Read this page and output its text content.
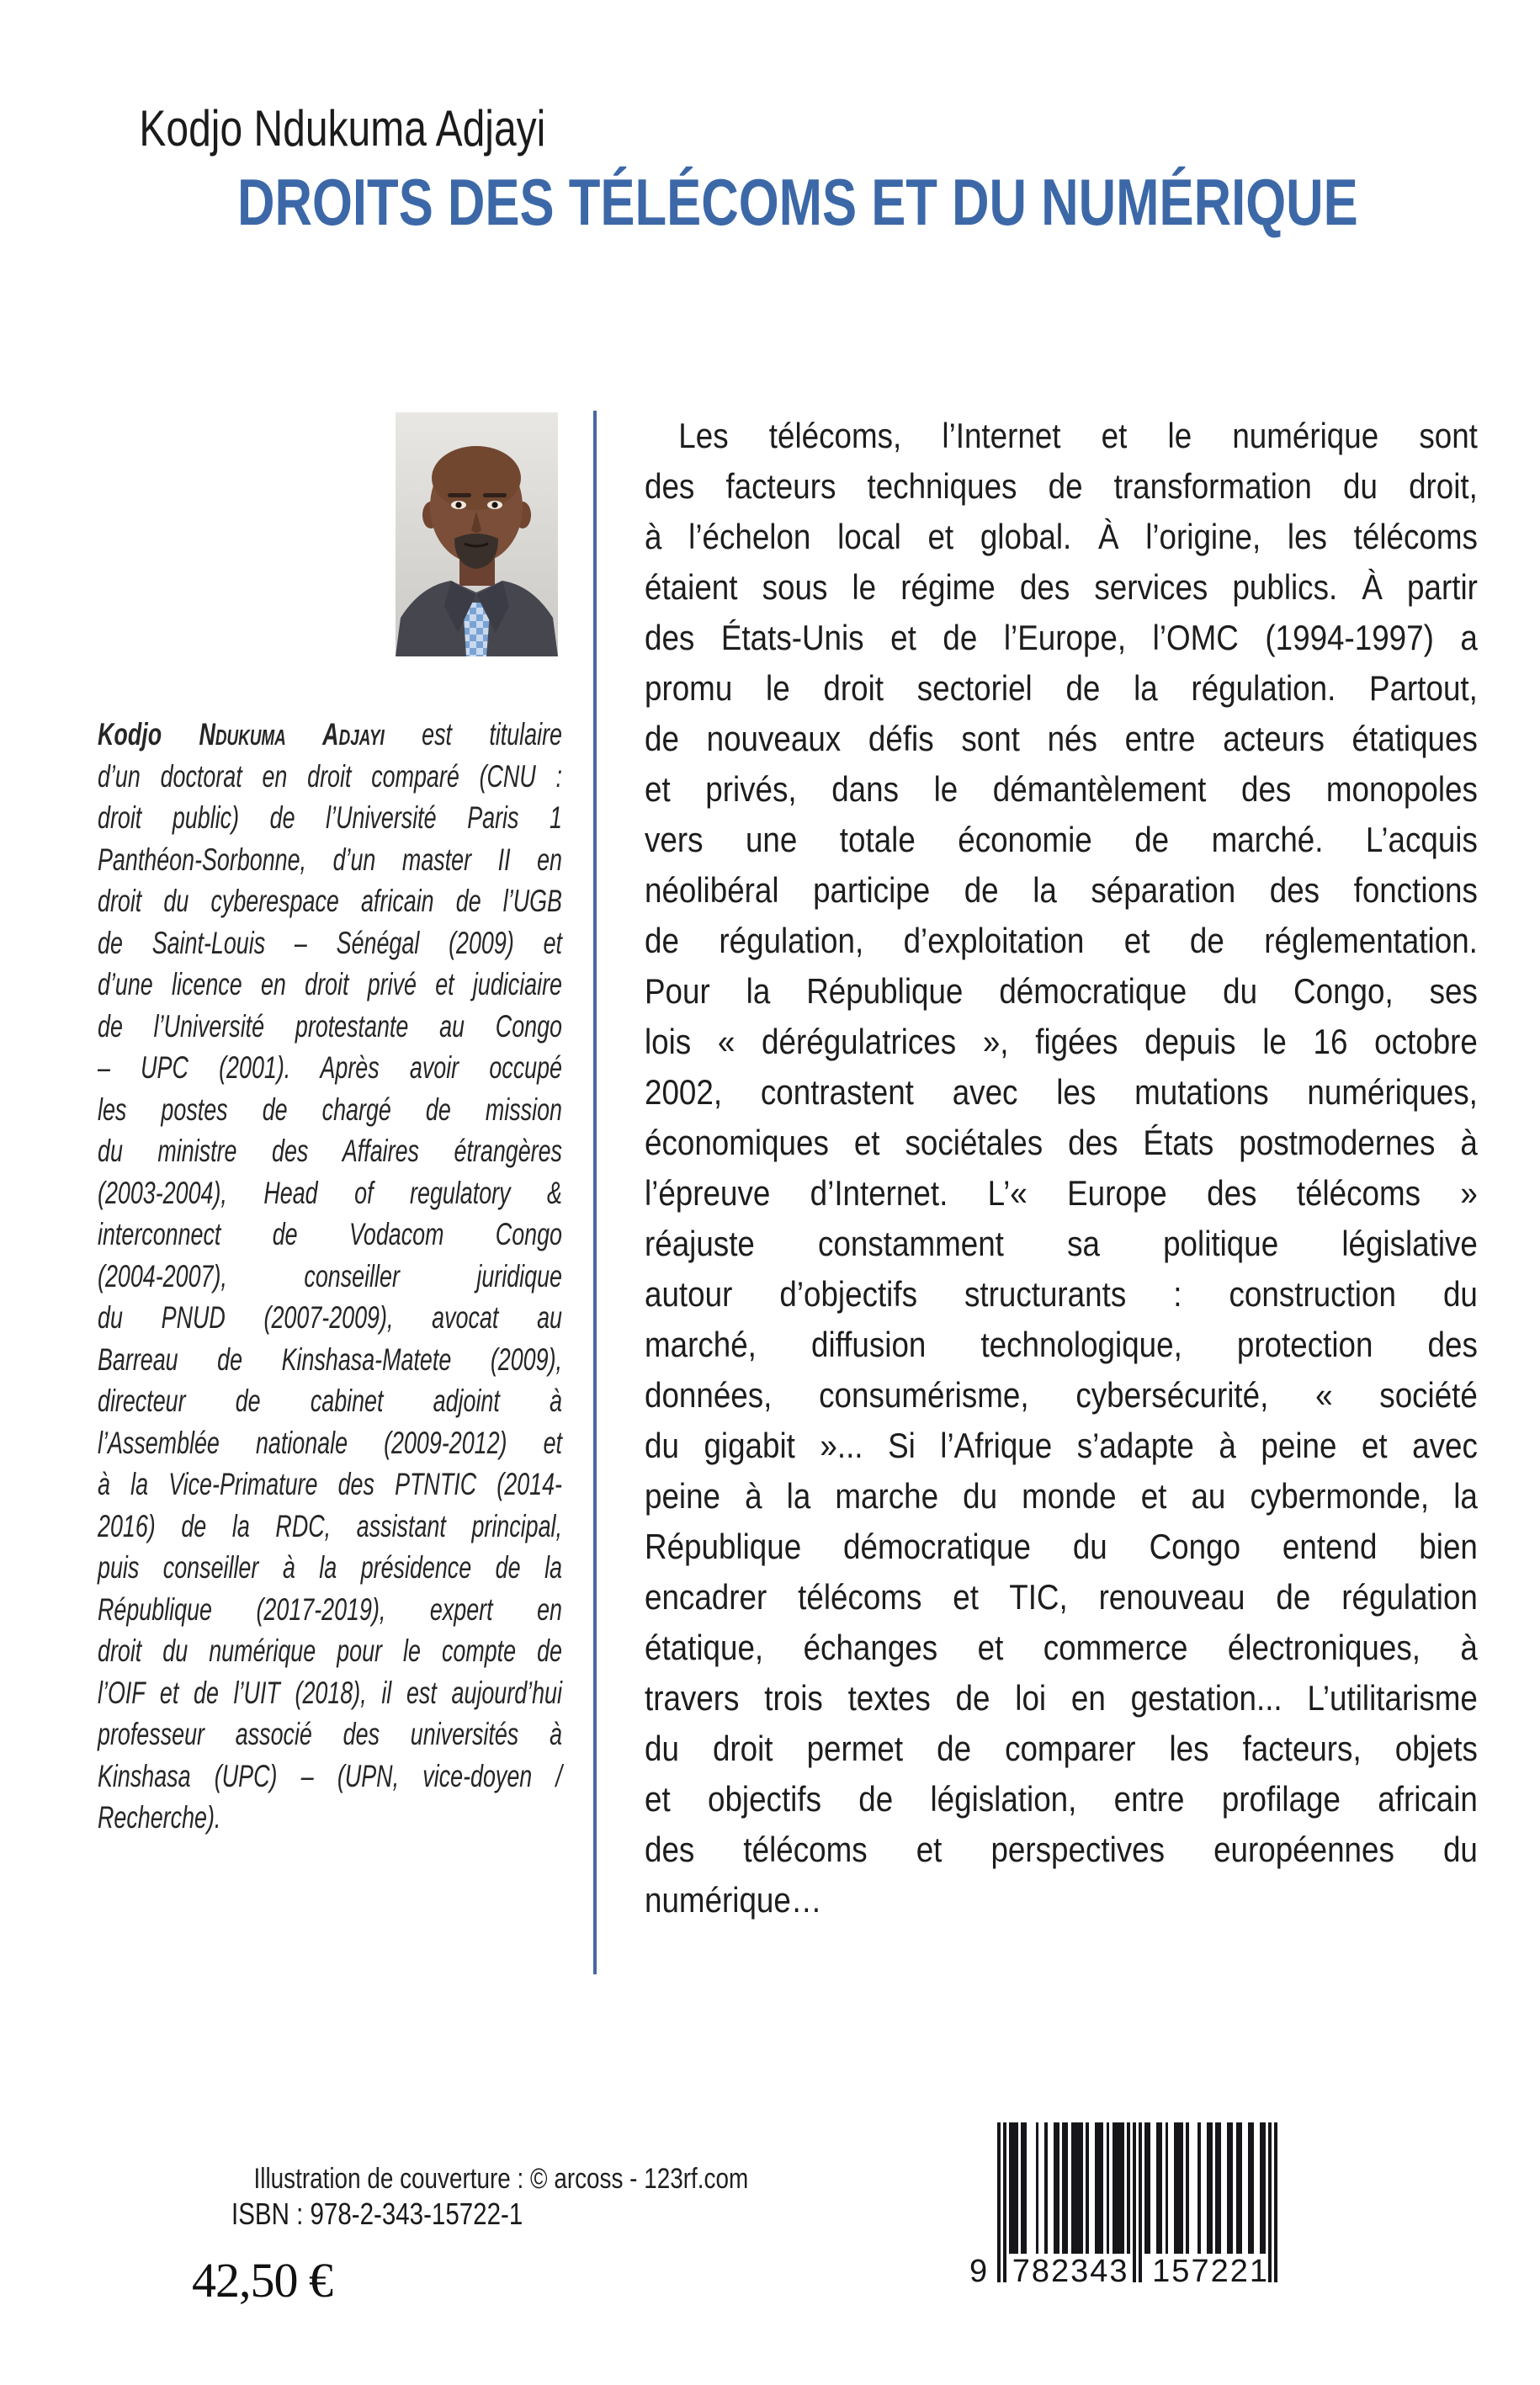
Kodjo Ndukuma Adjayi
DROITS DES TÉLÉCOMS ET DU NUMÉRIQUE
Kodjo Ndukuma Adjayi est titulaire
d’un doctorat en droit comparé (CNU :
droit public) de l’Université Paris 1
Panthéon-Sorbonne, d’un master II en
droit du cyberespace africain de l’UGB
de Saint-Louis – Sénégal (2009) et
d’une licence en droit privé et judiciaire
de l’Université protestante au Congo
– UPC (2001). Après avoir occupé
les postes de chargé de mission
du ministre des Affaires étrangères
(2003-2004), Head of regulatory &
interconnect de Vodacom Congo
(2004-2007), conseiller juridique
du PNUD (2007-2009), avocat au
Barreau de Kinshasa-Matete (2009),
directeur de cabinet adjoint à
l’Assemblée nationale (2009-2012) et
à la Vice-Primature des PTNTIC (2014-
2016) de la RDC, assistant principal,
puis conseiller à la présidence de la
République (2017-2019), expert en
droit du numérique pour le compte de
l’OIF et de l’UIT (2018), il est aujourd’hui
professeur associé des universités à
Kinshasa (UPC) – (UPN, vice-doyen /
Recherche).
Les télécoms, l’Internet et le numérique sont
des facteurs techniques de transformation du droit,
à l’échelon local et global. À l’origine, les télécoms
étaient sous le régime des services publics. À partir
des États-Unis et de l’Europe, l’OMC (1994-1997) a
promu le droit sectoriel de la régulation. Partout,
de nouveaux défis sont nés entre acteurs étatiques
et privés, dans le démantèlement des monopoles
vers une totale économie de marché. L’acquis
néolibéral participe de la séparation des fonctions
de régulation, d’exploitation et de réglementation.
Pour la République démocratique du Congo, ses
lois « dérégulatrices », figées depuis le 16 octobre
2002, contrastent avec les mutations numériques,
économiques et sociétales des États postmodernes à
l’épreuve d’Internet. L’« Europe des télécoms »
réajuste constamment sa politique législative
autour d’objectifs structurants : construction du
marché, diffusion technologique, protection des
données, consumérisme, cybersécurité, « société
du gigabit »... Si l’Afrique s’adapte à peine et avec
peine à la marche du monde et au cybermonde, la
République démocratique du Congo entend bien
encadrer télécoms et TIC, renouveau de régulation
étatique, échanges et commerce électroniques, à
travers trois textes de loi en gestation... L’utilitarisme
du droit permet de comparer les facteurs, objets
et objectifs de législation, entre profilage africain
des télécoms et perspectives européennes du
numérique…
Illustration de couverture : © arcoss - 123rf.com
ISBN : 978-2-343-15722-1
42,50 €	9 782343 157221
